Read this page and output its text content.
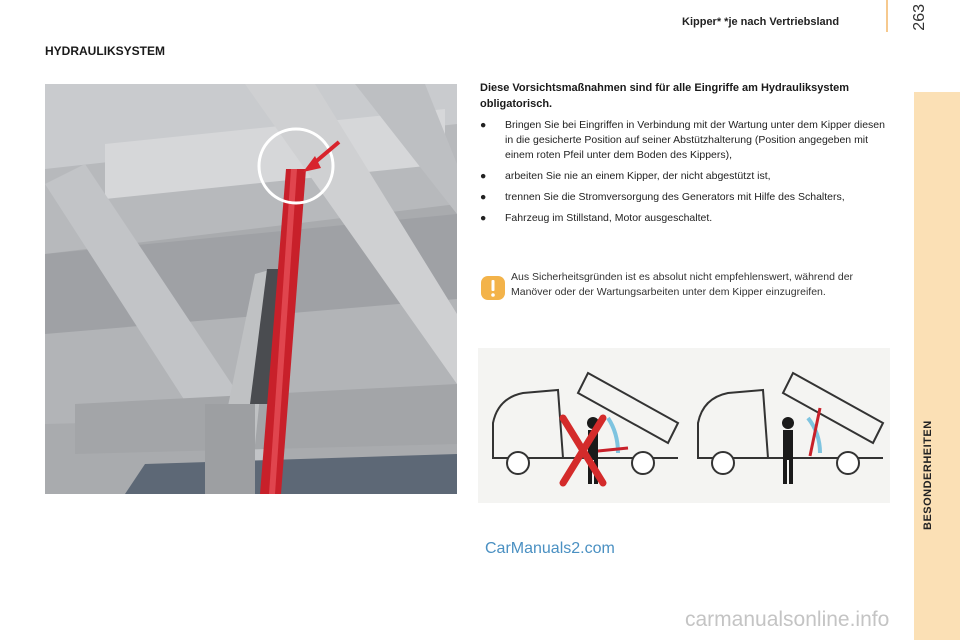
Kipper* *je nach Vertriebsland	263
BESONDERHEITEN
HYDRAULIKSYSTEM

Diese Vorsichtsmaßnahmen sind für alle Eingriffe am Hydrauliksystem obligatorisch.

● Bringen Sie bei Eingriffen in Verbindung mit der Wartung unter dem Kipper diesen in die gesicherte Position auf seiner Abstützhalterung (Position angegeben mit einem roten Pfeil unter dem Boden des Kippers),
● arbeiten Sie nie an einem Kipper, der nicht abgestützt ist,
● trennen Sie die Stromversorgung des Generators mit Hilfe des Schalters,
● Fahrzeug im Stillstand, Motor ausgeschaltet.
Aus Sicherheitsgründen ist es absolut nicht empfehlenswert, während der Manöver oder der Wartungsarbeiten unter dem Kipper einzugreifen.
CarManuals2.com
carmanualsonline.info
